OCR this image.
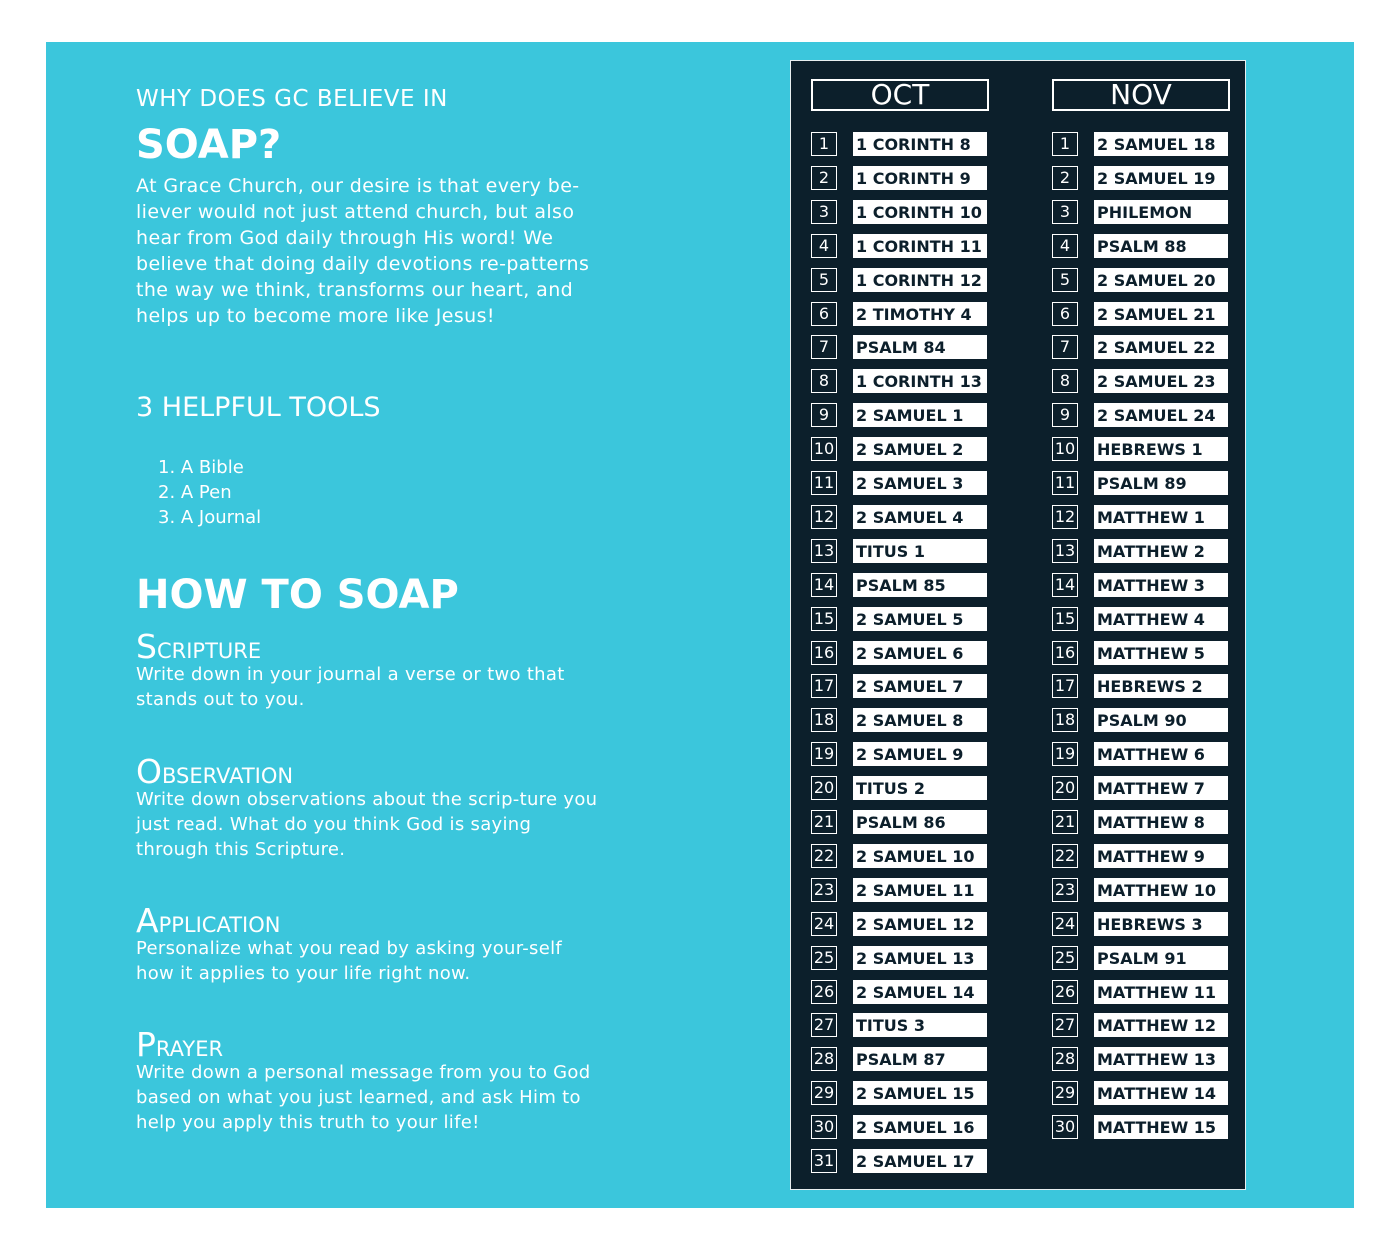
WHY DOES GC BELIEVE IN
SOAP?
At Grace Church, our desire is that every be-liever would not just attend church, but also hear from God daily through His word! We believe that doing daily devotions re-patterns the way we think, transforms our heart, and helps up to become more like Jesus!
3 HELPFUL TOOLS
1. A Bible
2. A Pen
3. A Journal
HOW TO SOAP
SCRIPTURE
Write down in your journal a verse or two that stands out to you.
OBSERVATION
Write down observations about the scrip-ture you just read. What do you think God is saying through this Scripture.
APPLICATION
Personalize what you read by asking your-self how it applies to your life right now.
PRAYER
Write down a personal message from you to God based on what you just learned, and ask Him to help you apply this truth to your life!
OCT	NOV
1	1 CORINTH 8
2	1 CORINTH 9
3	1 CORINTH 10
4	1 CORINTH 11
5	1 CORINTH 12
6	2 TIMOTHY 4
7	PSALM 84
8	1 CORINTH 13
9	2 SAMUEL 1
10 2 SAMUEL 2
11 2 SAMUEL 3
12 2 SAMUEL 4
13 TITUS 1
14 PSALM 85
15 2 SAMUEL 5
16 2 SAMUEL 6
17 2 SAMUEL 7
18 2 SAMUEL 8
19 2 SAMUEL 9
20 TITUS 2
21 PSALM 86
22 2 SAMUEL 10
23 2 SAMUEL 11
24 2 SAMUEL 12
25 2 SAMUEL 13
26 2 SAMUEL 14
27 TITUS 3
28 PSALM 87
29 2 SAMUEL 15
30 2 SAMUEL 16
31 2 SAMUEL 17
1	2 SAMUEL 18
2	2 SAMUEL 19
3	PHILEMON
4	PSALM 88
5	2 SAMUEL 20
6	2 SAMUEL 21
7	2 SAMUEL 22
8	2 SAMUEL 23
9	2 SAMUEL 24
10 HEBREWS 1
11 PSALM 89
12 MATTHEW 1
13 MATTHEW 2
14 MATTHEW 3
15 MATTHEW 4
16 MATTHEW 5
17 HEBREWS 2
18 PSALM 90
19 MATTHEW 6
20 MATTHEW 7
21 MATTHEW 8
22 MATTHEW 9
23 MATTHEW 10
24 HEBREWS 3
25 PSALM 91
26 MATTHEW 11
27 MATTHEW 12
28 MATTHEW 13
29 MATTHEW 14
30 MATTHEW 15
